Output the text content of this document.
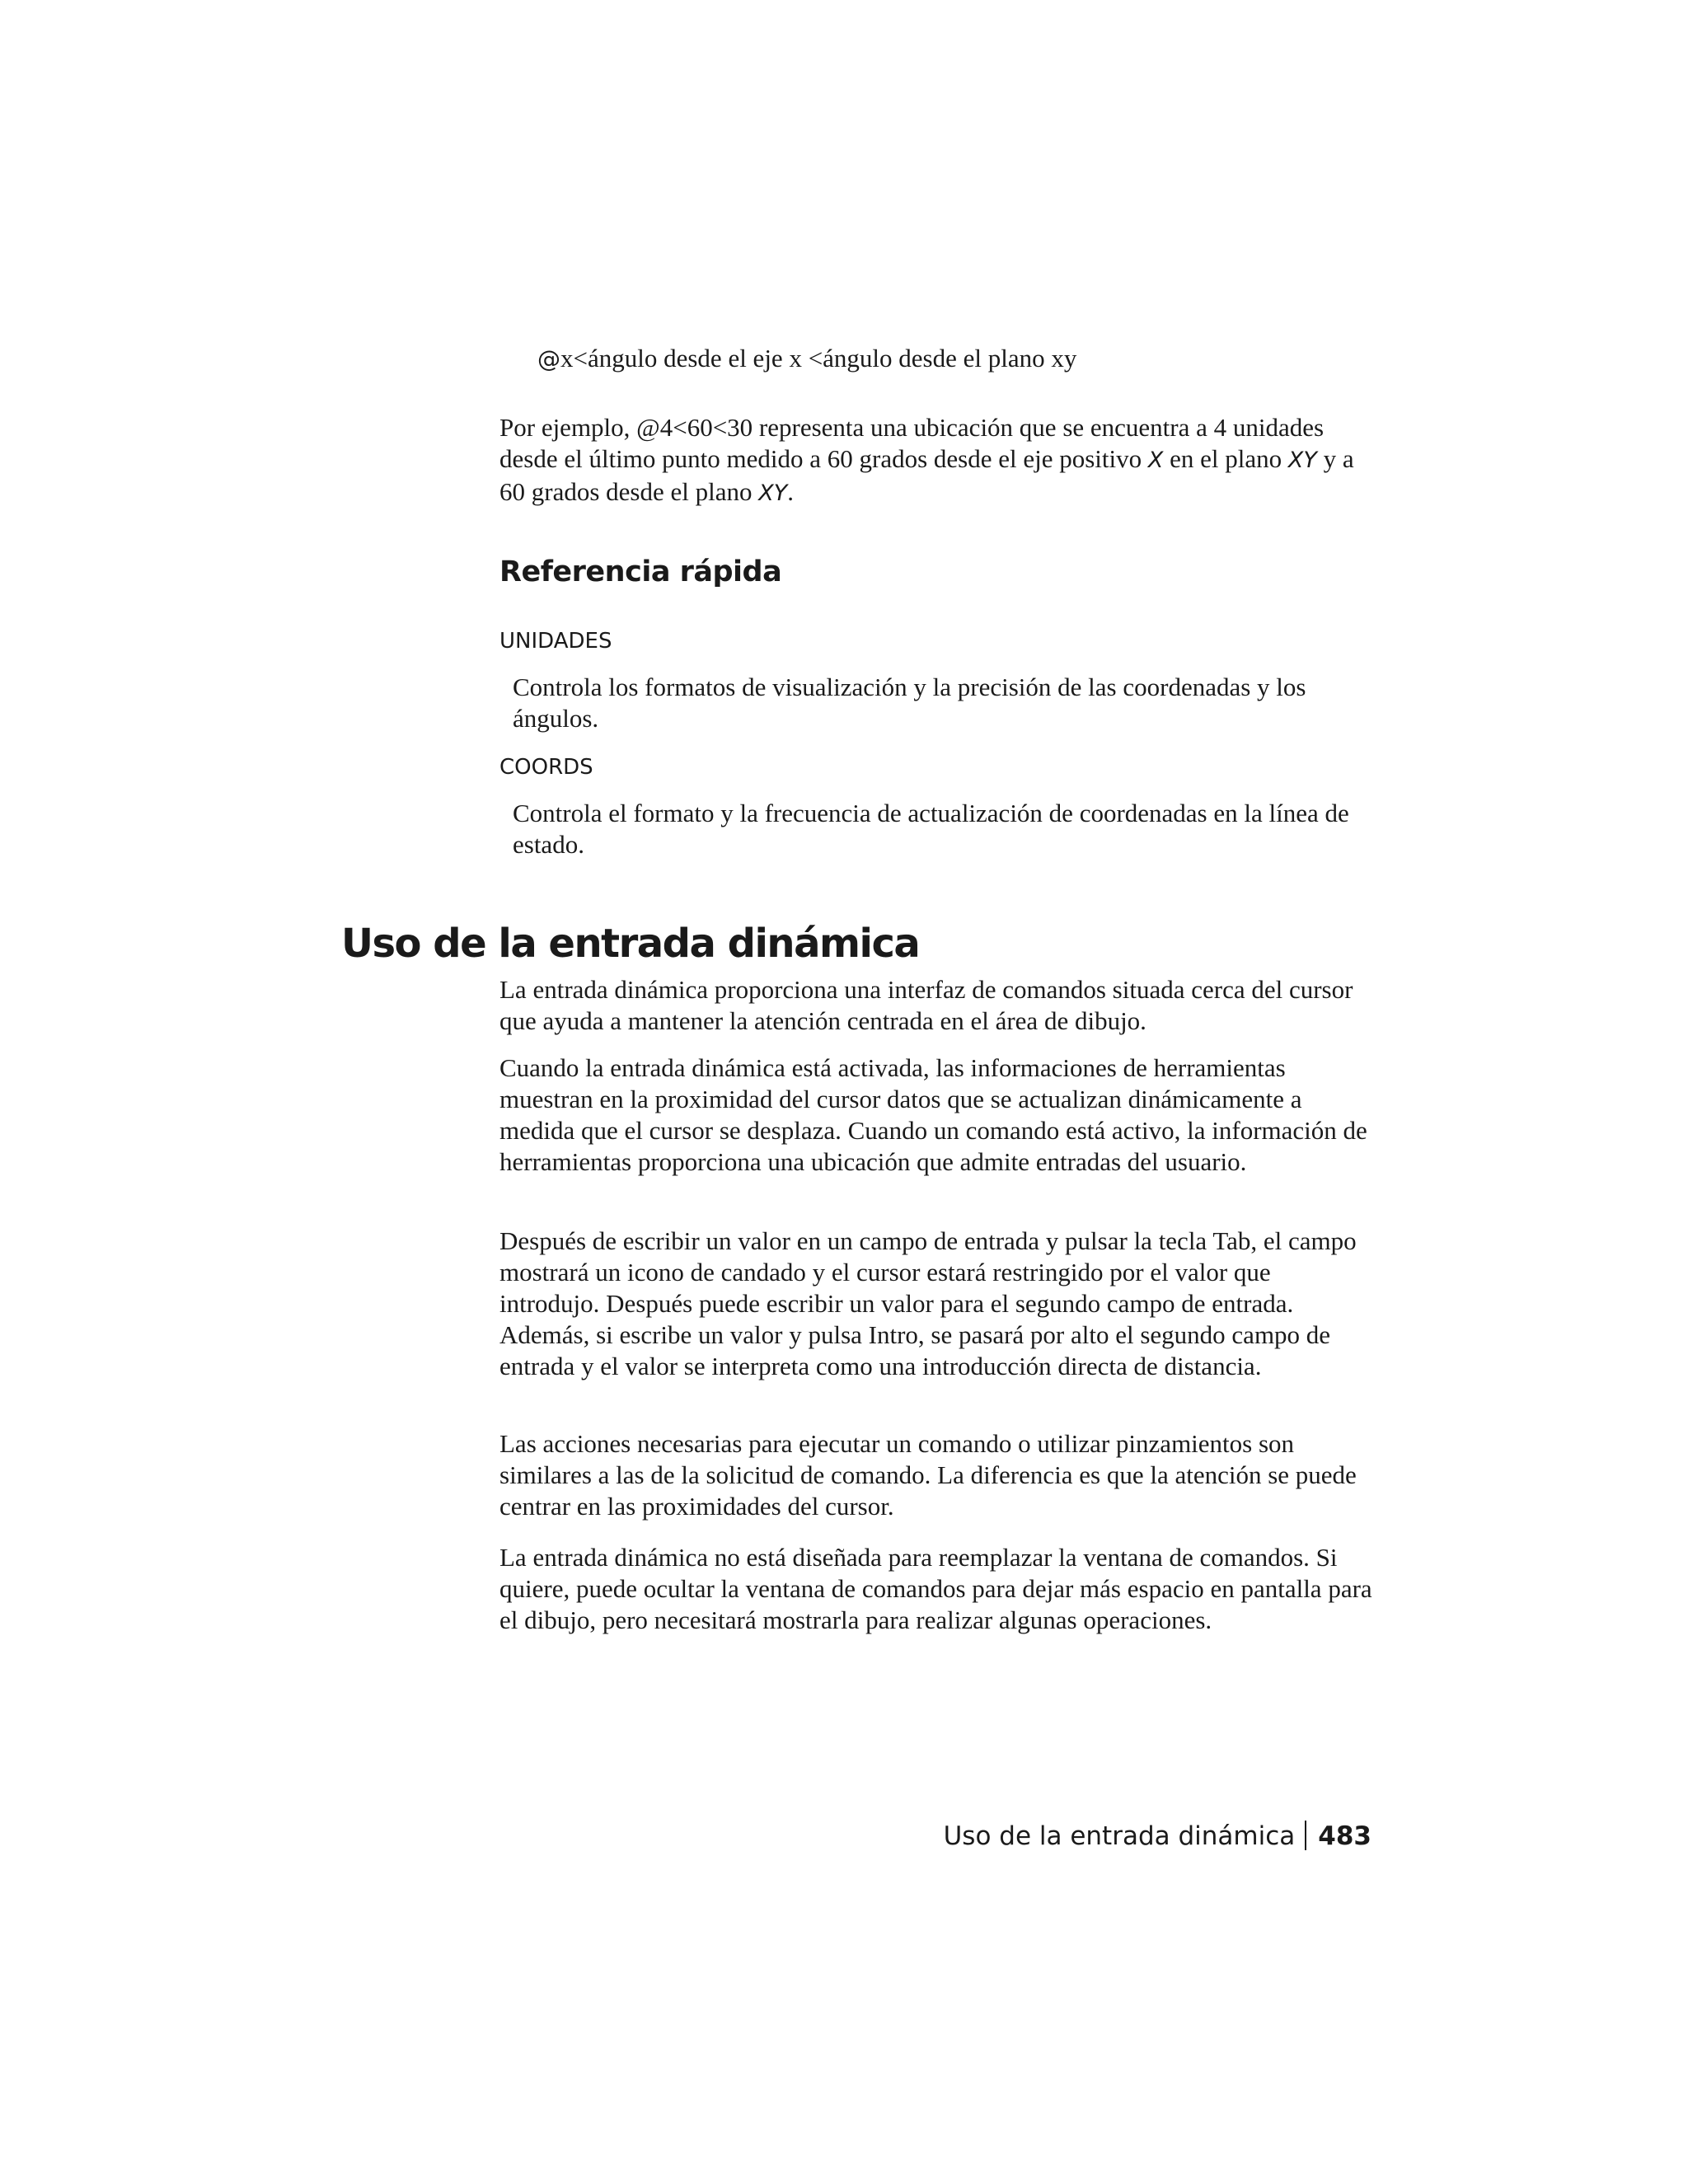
@x<ángulo desde el eje x <ángulo desde el plano xy

Por ejemplo, @4<60<30 representa una ubicación que se encuentra a 4 unidades desde el último punto medido a 60 grados desde el eje positivo X en el plano XY y a 60 grados desde el plano XY.

Referencia rápida

UNIDADES

Controla los formatos de visualización y la precisión de las coordenadas y los ángulos.

COORDS

Controla el formato y la frecuencia de actualización de coordenadas en la línea de estado.

Uso de la entrada dinámica

La entrada dinámica proporciona una interfaz de comandos situada cerca del cursor que ayuda a mantener la atención centrada en el área de dibujo.

Cuando la entrada dinámica está activada, las informaciones de herramientas muestran en la proximidad del cursor datos que se actualizan dinámicamente a medida que el cursor se desplaza. Cuando un comando está activo, la información de herramientas proporciona una ubicación que admite entradas del usuario.

Después de escribir un valor en un campo de entrada y pulsar la tecla Tab, el campo mostrará un icono de candado y el cursor estará restringido por el valor que introdujo. Después puede escribir un valor para el segundo campo de entrada. Además, si escribe un valor y pulsa Intro, se pasará por alto el segundo campo de entrada y el valor se interpreta como una introducción directa de distancia.

Las acciones necesarias para ejecutar un comando o utilizar pinzamientos son similares a las de la solicitud de comando. La diferencia es que la atención se puede centrar en las proximidades del cursor.

La entrada dinámica no está diseñada para reemplazar la ventana de comandos. Si quiere, puede ocultar la ventana de comandos para dejar más espacio en pantalla para el dibujo, pero necesitará mostrarla para realizar algunas operaciones.

Uso de la entrada dinámica 483
